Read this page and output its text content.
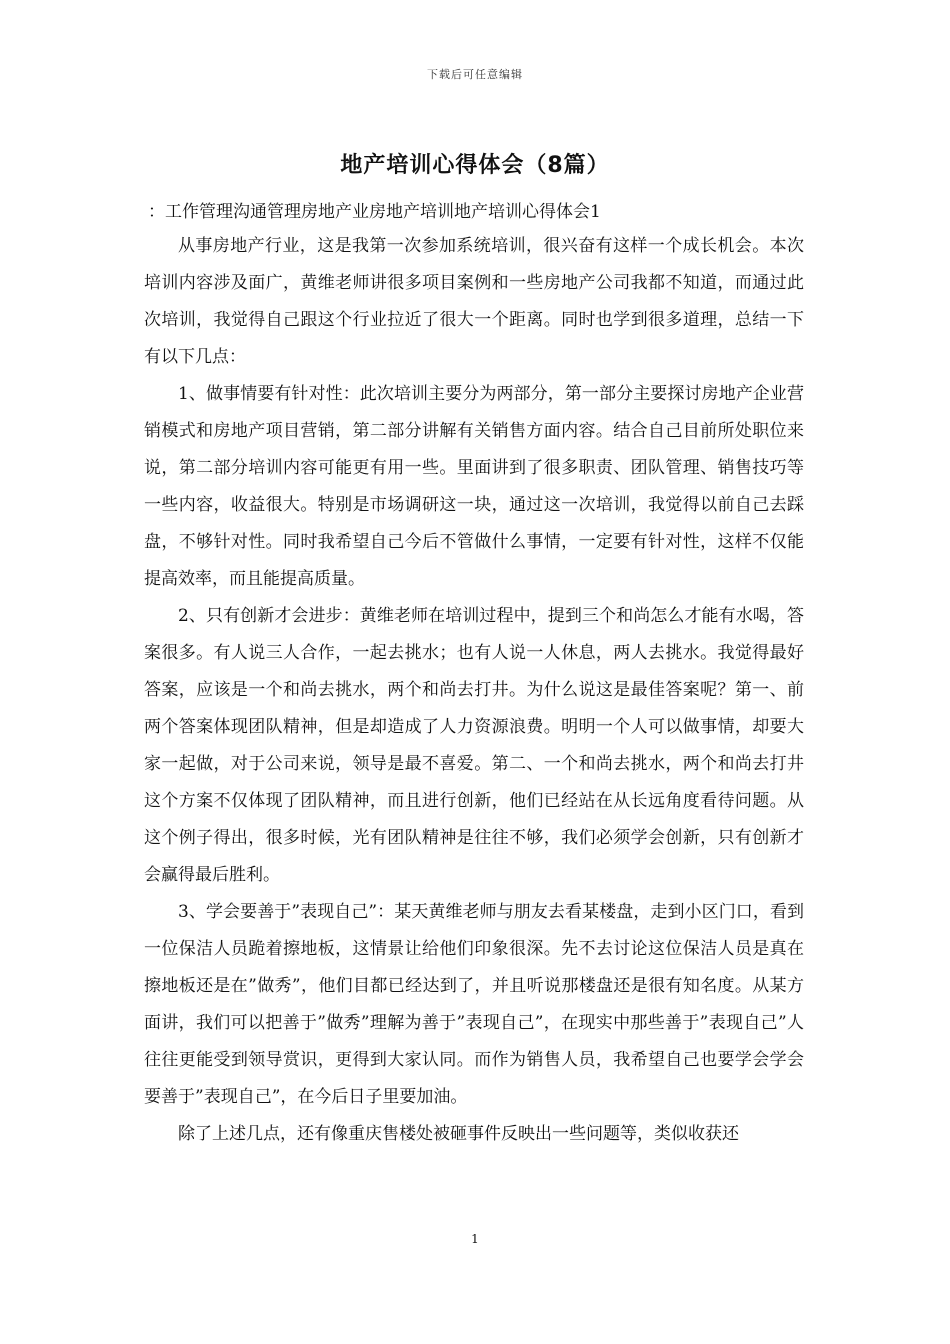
下载后可任意编辑
地产培训心得体会（8篇）

：工作管理沟通管理房地产业房地产培训地产培训心得体会1

从事房地产行业，这是我第一次参加系统培训，很兴奋有这样一个成长机会。本次培训内容涉及面广，黄维老师讲很多项目案例和一些房地产公司我都不知道，而通过此次培训，我觉得自己跟这个行业拉近了很大一个距离。同时也学到很多道理，总结一下有以下几点：

1、做事情要有针对性：此次培训主要分为两部分，第一部分主要探讨房地产企业营销模式和房地产项目营销，第二部分讲解有关销售方面内容。结合自己目前所处职位来说，第二部分培训内容可能更有用一些。里面讲到了很多职责、团队管理、销售技巧等一些内容，收益很大。特别是市场调研这一块，通过这一次培训，我觉得以前自己去踩盘，不够针对性。同时我希望自己今后不管做什么事情，一定要有针对性，这样不仅能提高效率，而且能提高质量。

2、只有创新才会进步：黄维老师在培训过程中，提到三个和尚怎么才能有水喝，答案很多。有人说三人合作，一起去挑水；也有人说一人休息，两人去挑水。我觉得最好答案，应该是一个和尚去挑水，两个和尚去打井。为什么说这是最佳答案呢？第一、前两个答案体现团队精神，但是却造成了人力资源浪费。明明一个人可以做事情，却要大家一起做，对于公司来说，领导是最不喜爱。第二、一个和尚去挑水，两个和尚去打井这个方案不仅体现了团队精神，而且进行创新，他们已经站在从长远角度看待问题。从这个例子得出，很多时候，光有团队精神是往往不够，我们必须学会创新，只有创新才会赢得最后胜利。

3、学会要善于”表现自己”：某天黄维老师与朋友去看某楼盘，走到小区门口，看到一位保洁人员跪着擦地板，这情景让给他们印象很深。先不去讨论这位保洁人员是真在擦地板还是在”做秀”，他们目都已经达到了，并且听说那楼盘还是很有知名度。从某方面讲，我们可以把善于”做秀”理解为善于”表现自己”，在现实中那些善于”表现自己”人往往更能受到领导赏识，更得到大家认同。而作为销售人员，我希望自己也要学会学会要善于”表现自己”，在今后日子里要加油。

除了上述几点，还有像重庆售楼处被砸事件反映出一些问题等，类似收获还

1
